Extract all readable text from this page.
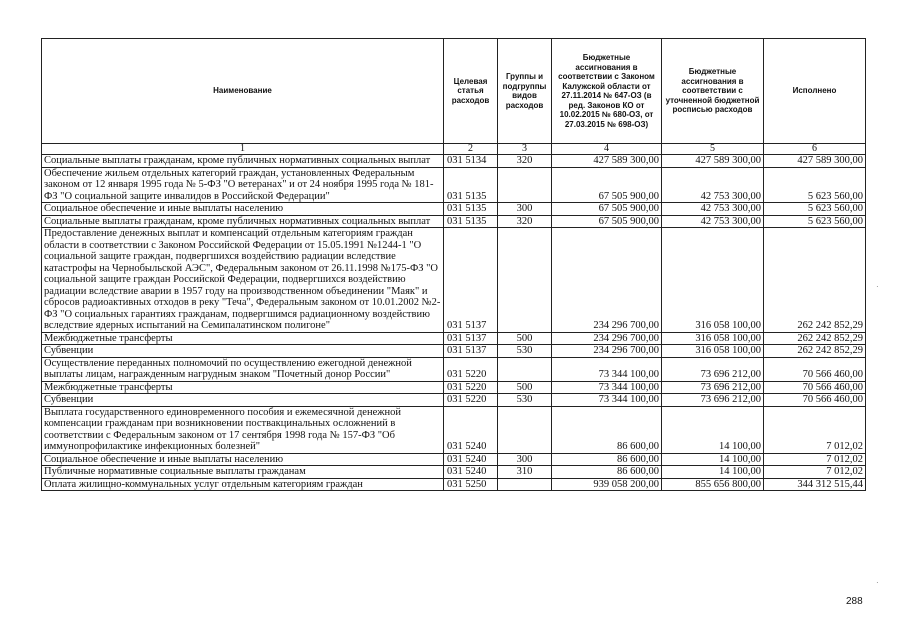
Наименование	Целевая статья расходов	Группы и подгруппы видов расходов	Бюджетные ассигнования в соответствии с Законом Калужской области от 27.11.2014 № 647-ОЗ (в ред. Законов КО от 10.02.2015 № 680-ОЗ, от 27.03.2015 № 698-ОЗ)	Бюджетные ассигнования в соответствии с уточненной бюджетной росписью расходов	Исполнено
1	2	3	4	5	6
Социальные выплаты гражданам, кроме публичных нормативных социальных выплат	031 5134	320	427 589 300,00	427 589 300,00	427 589 300,00
Обеспечение жильем отдельных категорий граждан, установленных Федеральным законом от 12 января 1995 года № 5-ФЗ "О ветеранах" и от 24 ноября 1995 года № 181-ФЗ "О социальной защите инвалидов в Российской Федерации"	031 5135		67 505 900,00	42 753 300,00	5 623 560,00
Социальное обеспечение и иные выплаты населению	031 5135	300	67 505 900,00	42 753 300,00	5 623 560,00
Социальные выплаты гражданам, кроме публичных нормативных социальных выплат	031 5135	320	67 505 900,00	42 753 300,00	5 623 560,00
Предоставление денежных выплат и компенсаций отдельным категориям граждан области в соответствии с Законом Российской Федерации от 15.05.1991 №1244-1 "О социальной защите граждан, подвергшихся воздействию радиации вследствие катастрофы на Чернобыльской АЭС", Федеральным законом от 26.11.1998 №175-ФЗ "О социальной защите граждан Российской Федерации, подвергшихся воздействию радиации вследствие аварии в 1957 году на производственном объединении "Маяк" и сбросов радиоактивных отходов в реку "Теча", Федеральным законом от 10.01.2002 №2-ФЗ "О социальных гарантиях гражданам, подвергшимся радиационному воздействию вследствие ядерных испытаний на Семипалатинском полигоне"	031 5137		234 296 700,00	316 058 100,00	262 242 852,29
Межбюджетные трансферты	031 5137	500	234 296 700,00	316 058 100,00	262 242 852,29
Субвенции	031 5137	530	234 296 700,00	316 058 100,00	262 242 852,29
Осуществление переданных полномочий по осуществлению ежегодной денежной выплаты лицам, награжденным нагрудным знаком "Почетный донор России"	031 5220		73 344 100,00	73 696 212,00	70 566 460,00
Межбюджетные трансферты	031 5220	500	73 344 100,00	73 696 212,00	70 566 460,00
Субвенции	031 5220	530	73 344 100,00	73 696 212,00	70 566 460,00
Выплата государственного единовременного пособия и ежемесячной денежной компенсации гражданам при возникновении поствакцинальных осложнений в соответствии с Федеральным законом от 17 сентября 1998 года № 157-ФЗ "Об иммунопрофилактике инфекционных болезней"	031 5240		86 600,00	14 100,00	7 012,02
Социальное обеспечение и иные выплаты населению	031 5240	300	86 600,00	14 100,00	7 012,02
Публичные нормативные социальные выплаты гражданам	031 5240	310	86 600,00	14 100,00	7 012,02
Оплата жилищно-коммунальных услуг отдельным категориям граждан	031 5250		939 058 200,00	855 656 800,00	344 312 515,44
288
·
·
